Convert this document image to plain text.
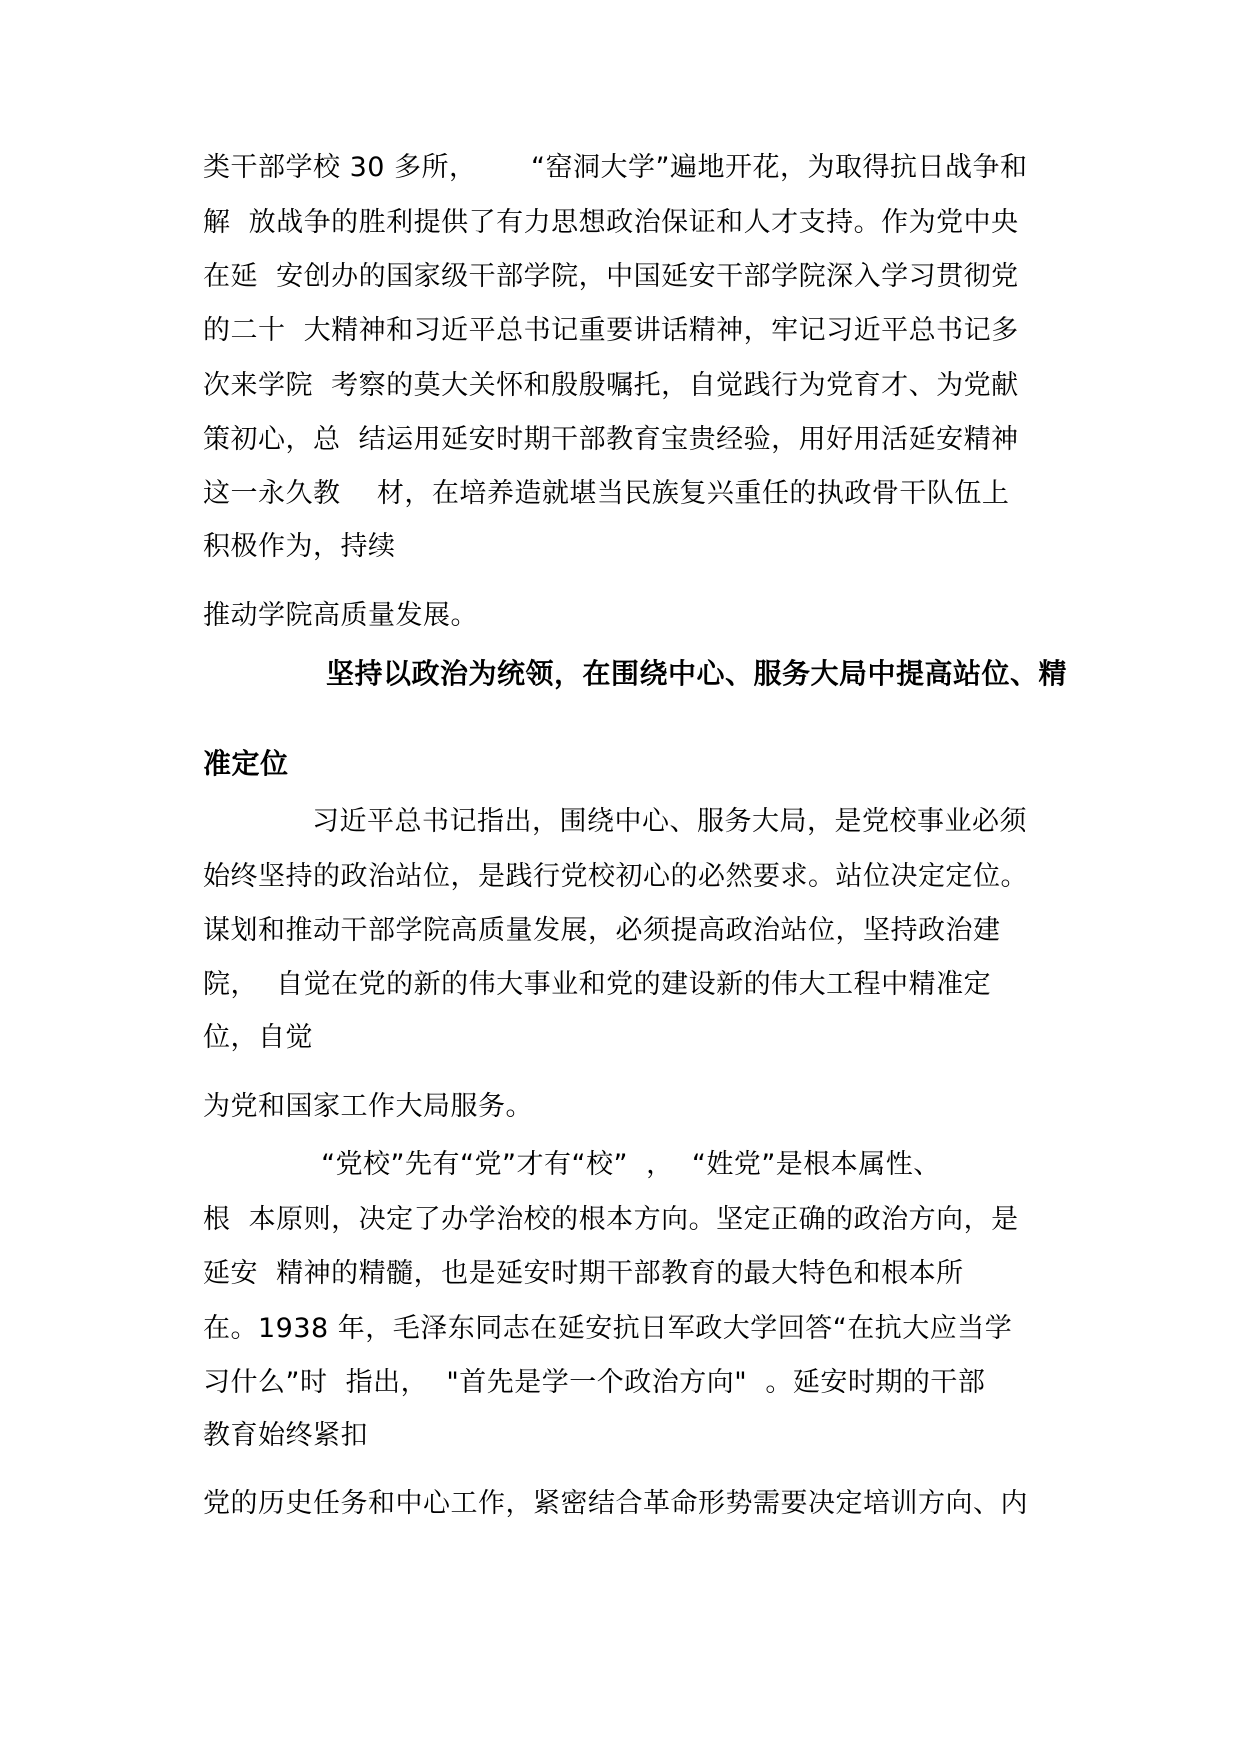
类干部学校 30 多所，      “窑洞大学”遍地开花，为取得抗日战争和
解  放战争的胜利提供了有力思想政治保证和人才支持。作为党中央
在延  安创办的国家级干部学院，中国延安干部学院深入学习贯彻党
的二十  大精神和习近平总书记重要讲话精神，牢记习近平总书记多
次来学院  考察的莫大关怀和殷殷嘱托，自觉践行为党育才、为党献
策初心，总  结运用延安时期干部教育宝贵经验，用好用活延安精神
这一永久教    材，在培养造就堪当民族复兴重任的执政骨干队伍上
积极作为，持续
推动学院高质量发展。
坚持以政治为统领，在围绕中心、服务大局中提高站位、精
准定位
习近平总书记指出，围绕中心、服务大局，是党校事业必须
始终坚持的政治站位，是践行党校初心的必然要求。站位决定定位。
谋划和推动干部学院高质量发展，必须提高政治站位，坚持政治建
院，  自觉在党的新的伟大事业和党的建设新的伟大工程中精准定
位，自觉
为党和国家工作大局服务。
“党校”先有“党”才有“校”  ，  “姓党”是根本属性、
根  本原则，决定了办学治校的根本方向。坚定正确的政治方向，是
延安  精神的精髓，也是延安时期干部教育的最大特色和根本所
在。1938 年，毛泽东同志在延安抗日军政大学回答“在抗大应当学
习什么”时  指出，  "首先是学一个政治方向"  。延安时期的干部
教育始终紧扣
党的历史任务和中心工作，紧密结合革命形势需要决定培训方向、内
